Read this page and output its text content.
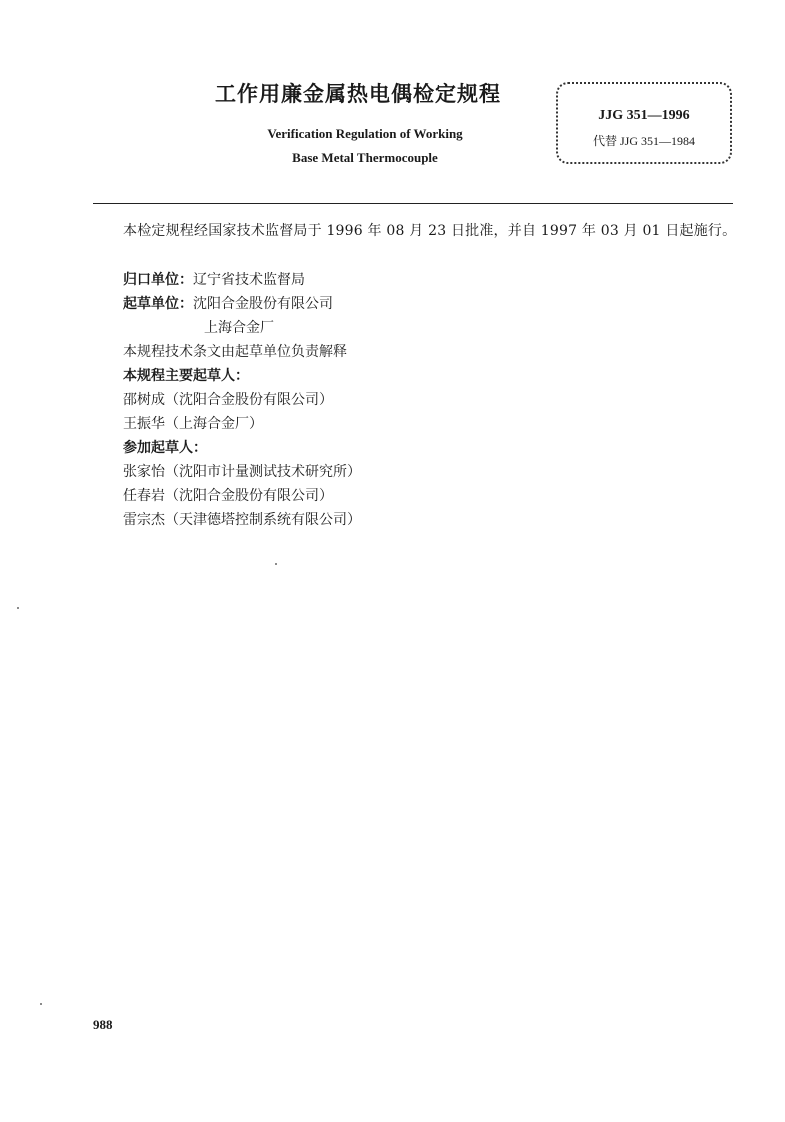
工作用廉金属热电偶检定规程
Verification Regulation of Working
Base Metal Thermocouple
JJG 351—1996
代替 JJG 351—1984
本检定规程经国家技术监督局于 1996 年 08 月 23 日批准，并自 1997 年 03 月 01 日起施行。
归口单位：辽宁省技术监督局
起草单位：沈阳合金股份有限公司
上海合金厂
本规程技术条文由起草单位负责解释
本规程主要起草人：
邵树成（沈阳合金股份有限公司）
王振华（上海合金厂）
参加起草人：
张家怡（沈阳市计量测试技术研究所）
任春岩（沈阳合金股份有限公司）
雷宗杰（天津德塔控制系统有限公司）
988
